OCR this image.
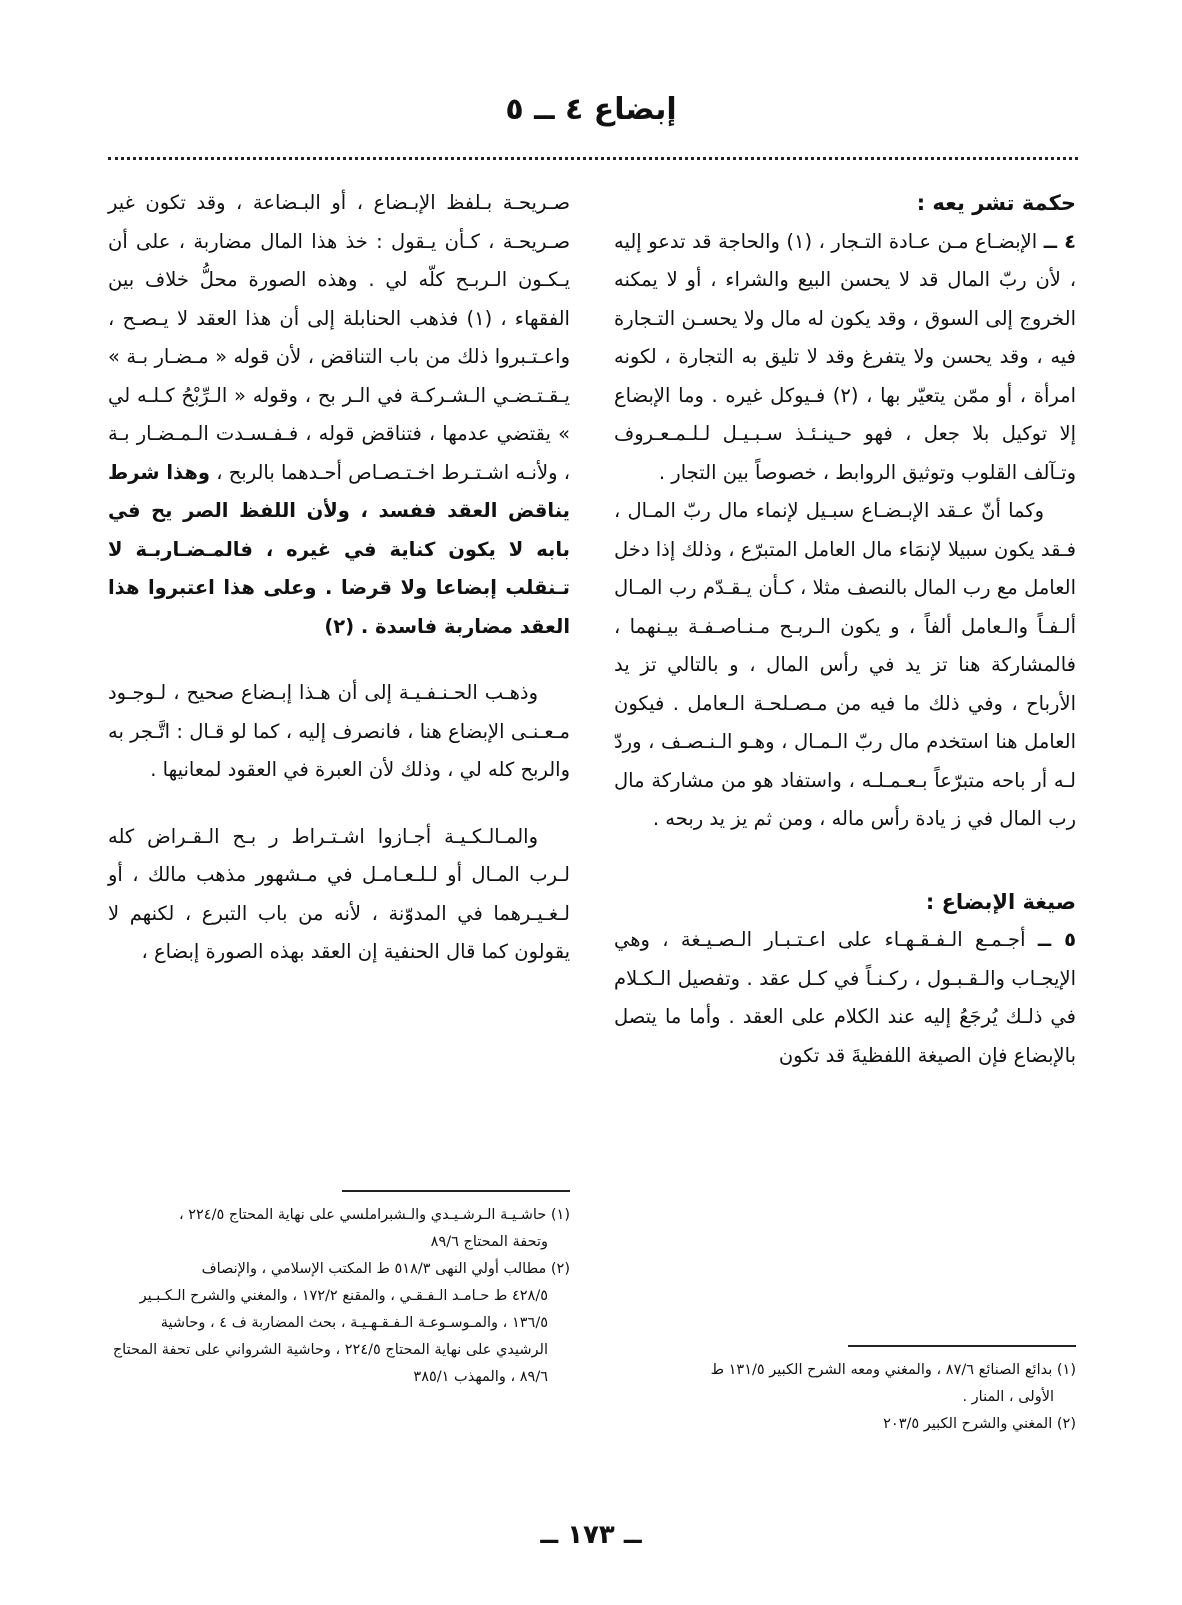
إبضاع ٤ ــ ٥
حكمة تشر يعه :

٤ ــ الإبضـاع مـن عـادة التـجار ، (١) والحاجة قد تدعو إليه ، لأن ربّ المال قد لا يحسن البيع والشراء ، أو لا يمكنه الخروج إلى السوق ، وقد يكون له مال ولا يحسـن التـجارة فيه ، وقد يحسن ولا يتفرغ وقد لا تليق به التجارة ، لكونه امرأة ، أو ممّن يتعيّر بها ، (٢) فـيوكل غيره . وما الإبضاع إلا توكيل بلا جعل ، فهو حـينـئـذ سـبـيـل لـلـمـعـروف وتـآلف القلوب وتوثيق الروابط ، خصوصاً بين التجار .

وكما أنّ عـقد الإبـضـاع سبـيل لإنماء مال ربّ المـال ، فـقد يكون سبيلا لإنمَاء مال العامل المتبرّع ، وذلك إذا دخل العامل مع رب المال بالنصف مثلا ، كـأن يـقـدّم رب المـال ألـفـاً والـعامل ألفاً ، و يكون الـربـح مـنـاصـفـة بيـنهما ، فالمشاركة هنا تز يد في رأس المال ، و بالتالي تز يد الأرباح ، وفي ذلك ما فيه من مـصـلحـة الـعامل . فيكون العامل هنا استخدم مال ربّ الـمـال ، وهـو الـنـصـف ، وردّ لـه أر باحه متبرّعاً بـعـمـلـه ، واستفاد هو من مشاركة مال رب المال في ز يادة رأس ماله ، ومن ثم يز يد ربحه .

صيغة الإبضاع :

٥ ــ أجـمـع الـفـقـهـاء على اعـتـبـار الـصـيـغة ، وهي الإيجـاب والـقـبـول ، ركـنـاً في كـل عقد . وتفصيل الـكـلام في ذلـك يُرجَعُ إليه عند الكلام على العقد . وأما ما يتصل بالإبضاع فإن الصيغة اللفظيةَ قد تكون

صـريحـة بـلفظ الإبـضاع ، أو البـضاعة ، وقد تكون غير صـريحـة ، كـأن يـقول : خذ هذا المال مضاربة ، على أن يـكـون الـربـح كلّه لي . وهذه الصورة محلُّ خلاف بين الفقهاء ، (١) فذهب الحنابلة إلى أن هذا العقد لا يـصـح ، واعـتـبروا ذلك من باب التناقض ، لأن قوله « مـضـار بـة » يـقـتـضـي الـشـركـة في الـر بح ، وقوله « الـرِّبْحُ كـلـه لي » يقتضي عدمها ، فتناقض قوله ، فـفـسـدت الـمـضـار بـة ، ولأنـه اشـتـرط اخـتـصـاص أحـدهما بالربح ، وهذا شرط يناقض العقد ففسد ، ولأن اللفظ الصر يح في بابه لا يكون كناية في غيره ، فالمـضـاربـة لا تـنقلب إبضاعا ولا قرضا . وعلى هذا اعتبروا هذا العقد مضاربة فاسدة . (٢)

وذهـب الحـنـفـيـة إلى أن هـذا إبـضاع صحيح ، لـوجـود مـعـنـى الإبضاع هنا ، فانصرف إليه ، كما لو قـال : اتَّـجر به والربح كله لي ، وذلك لأن العبرة في العقود لمعانيها .

والمـالـكـيـة أجـازوا اشـتـراط ر بـح الـقـراض كله لـرب المـال أو لـلـعـامـل في مـشهور مذهب مالك ، أو لـغـيـرهما في المدوّنة ، لأنه من باب التبرع ، لكنهم لا يقولون كما قال الحنفية إن العقد بهذه الصورة إبضاع ،

(١) حاشـيـة الـرشـيـدي والـشبراملسي على نهاية المحتاج ٢٢٤/٥ ،
وتحفة المحتاج ٨٩/٦
(٢) مطالب أولي النهى ٥١٨/٣ ط المكتب الإسلامي ، والإنصاف
٤٢٨/٥ ط حـامـد الـفـقـي ، والمقنع ١٧٢/٢ ، والمغني والشرح الـكـبـير ١٣٦/٥ ، والمـوسـوعـة الـفـقـهـيـة ، بحث المضاربة ف ٤ ، وحاشية الرشيدي على نهاية المحتاج ٢٢٤/٥ ، وحاشية الشرواني على تحفة المحتاج ٨٩/٦ ، والمهذب ٣٨٥/١	(١) بدائع الصنائع ٨٧/٦ ، والمغني ومعه الشرح الكبير ١٣١/٥ ط
الأولى ، المنار .
(٢) المغني والشرح الكبير ٢٠٣/٥
ــ ١٧٣ ــ
